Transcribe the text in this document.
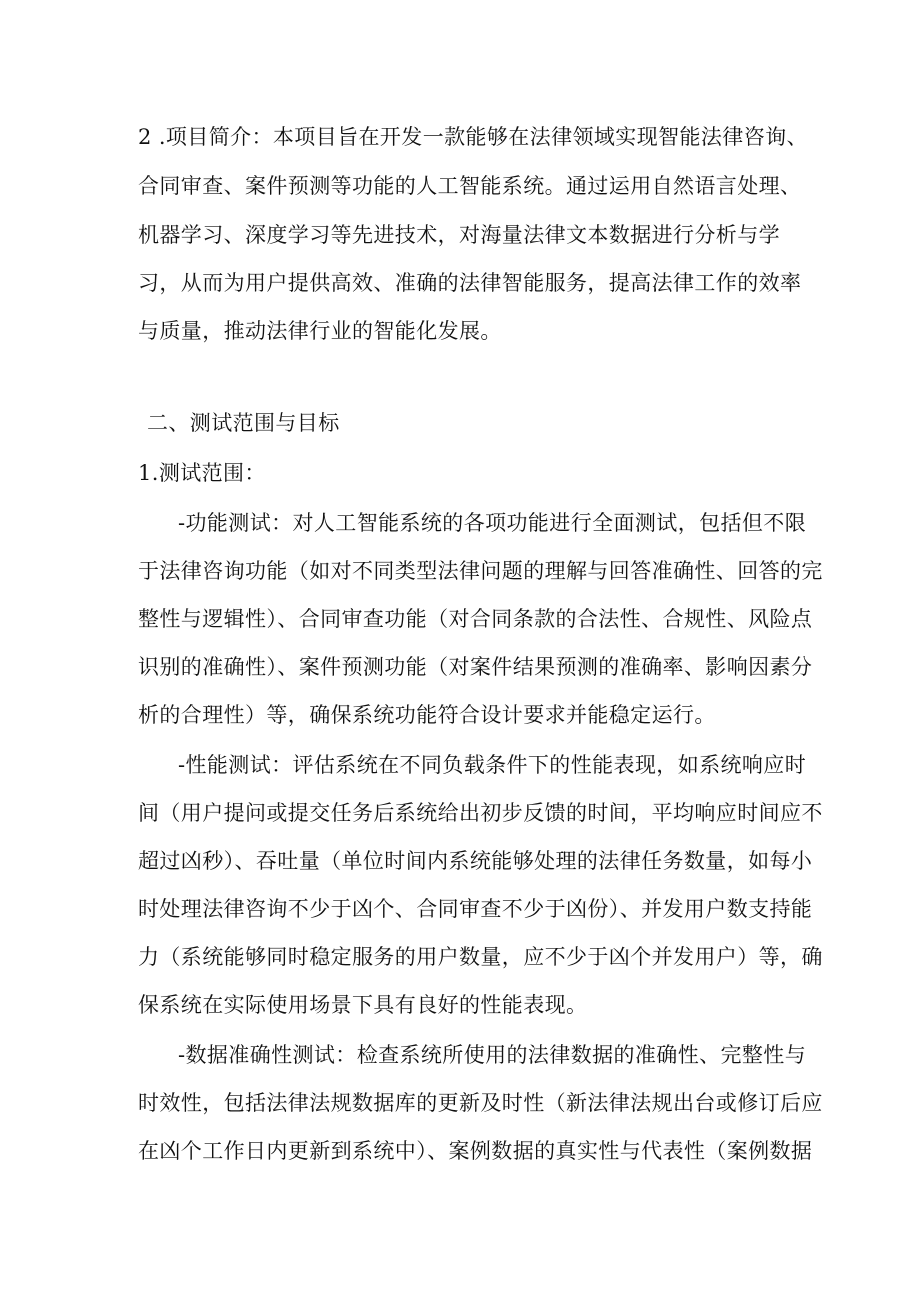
2 .项目简介：本项目旨在开发一款能够在法律领域实现智能法律咨询、
合同审查、案件预测等功能的人工智能系统。通过运用自然语言处理、
机器学习、深度学习等先进技术，对海量法律文本数据进行分析与学
习，从而为用户提供高效、准确的法律智能服务，提高法律工作的效率
与质量，推动法律行业的智能化发展。
二、测试范围与目标
1.测试范围：
-功能测试：对人工智能系统的各项功能进行全面测试，包括但不限
于法律咨询功能（如对不同类型法律问题的理解与回答准确性、回答的完
整性与逻辑性）、合同审查功能（对合同条款的合法性、合规性、风险点
识别的准确性）、案件预测功能（对案件结果预测的准确率、影响因素分
析的合理性）等，确保系统功能符合设计要求并能稳定运行。
-性能测试：评估系统在不同负载条件下的性能表现，如系统响应时
间（用户提问或提交任务后系统给出初步反馈的时间，平均响应时间应不
超过凶秒）、吞吐量（单位时间内系统能够处理的法律任务数量，如每小
时处理法律咨询不少于凶个、合同审查不少于凶份）、并发用户数支持能
力（系统能够同时稳定服务的用户数量，应不少于凶个并发用户）等，确
保系统在实际使用场景下具有良好的性能表现。
-数据准确性测试：检查系统所使用的法律数据的准确性、完整性与
时效性，包括法律法规数据库的更新及时性（新法律法规出台或修订后应
在凶个工作日内更新到系统中）、案例数据的真实性与代表性（案例数据
